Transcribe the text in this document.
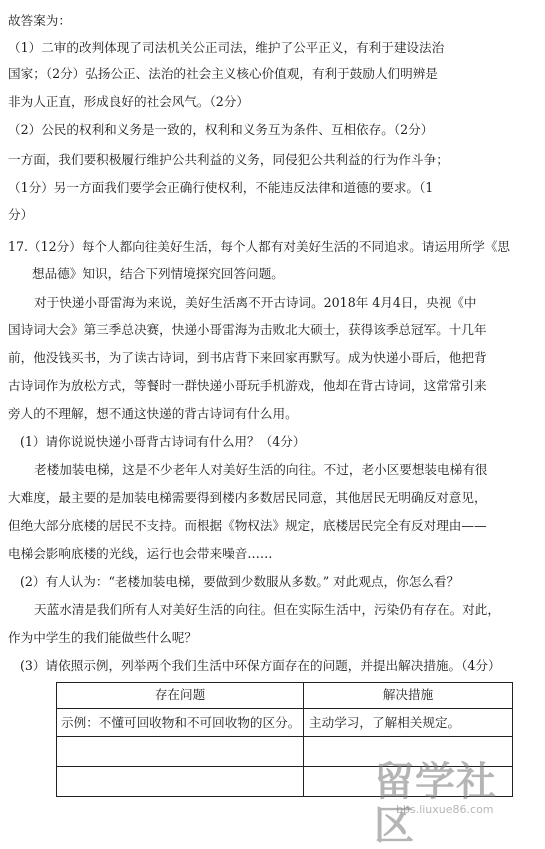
故答案为：
（1）二审的改判体现了司法机关公正司法，维护了公平正义，有利于建设法治
国家；（2分）弘扬公正、法治的社会主义核心价值观，有利于鼓励人们明辨是
非为人正直，形成良好的社会风气。（2分）
（2）公民的权利和义务是一致的，权利和义务互为条件、互相依存。（2分）
一方面，我们要积极履行维护公共利益的义务，同侵犯公共利益的行为作斗争；
（1分）另一方面我们要学会正确行使权利，不能违反法律和道德的要求。（1
分）
17.（12分）每个人都向往美好生活，每个人都有对美好生活的不同追求。请运用所学《思
想品德》知识，结合下列情境探究回答问题。
对于快递小哥雷海为来说，美好生活离不开古诗词。2018年 4月4日，央视《中
国诗词大会》第三季总决赛，快递小哥雷海为击败北大硕士，获得该季总冠军。十几年
前，他没钱买书，为了读古诗词，到书店背下来回家再默写。成为快递小哥后，他把背
古诗词作为放松方式，等餐时一群快递小哥玩手机游戏，他却在背古诗词，这常常引来
旁人的不理解，想不通这快递的背古诗词有什么用。
(1）请你说说快递小哥背古诗词有什么用？（4分）
老楼加装电梯，这是不少老年人对美好生活的向往。不过，老小区要想装电梯有很
大难度，最主要的是加装电梯需要得到楼内多数居民同意，其他居民无明确反对意见，
但绝大部分底楼的居民不支持。而根据《物权法》规定，底楼居民完全有反对理由——
电梯会影响底楼的光线，运行也会带来噪音……
(2）有人认为：“老楼加装电梯，要做到少数服从多数。” 对此观点，你怎么看？
天蓝水清是我们所有人对美好生活的向往。但在实际生活中，污染仍有存在。对此，
作为中学生的我们能做些什么呢？
(3）请依照示例，列举两个我们生活中环保方面存在的问题，并提出解决措施。（4分）
存在问题	解决措施
示例：不懂可回收物和不可回收物的区分。 主动学习，了解相关规定。
留学社区
bbs.liuxue86.com
